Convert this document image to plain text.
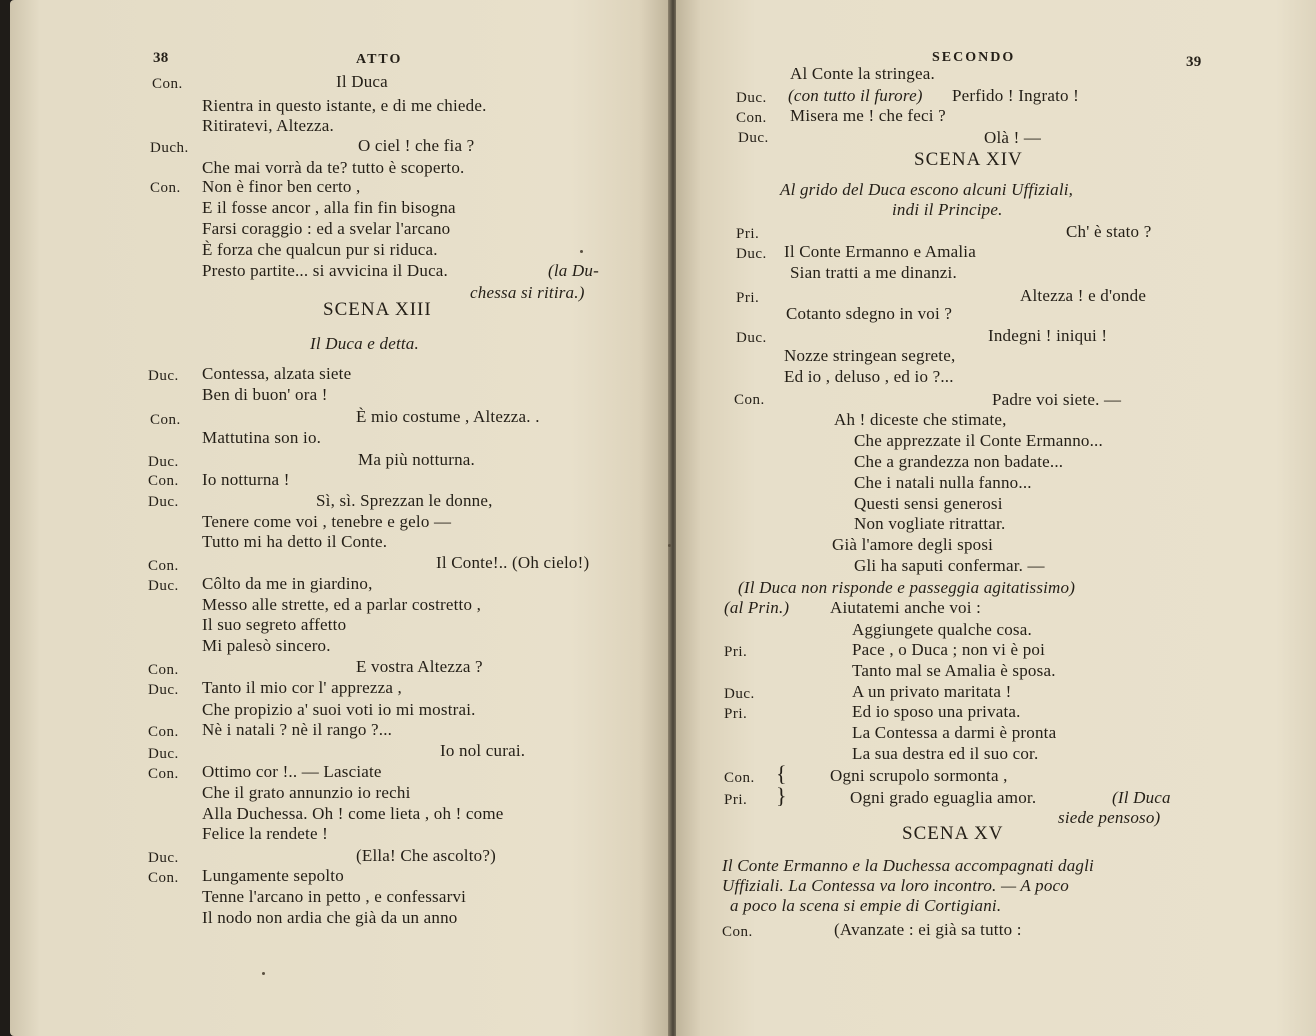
38	ATTO
Con.	Il Duca
Rientra in questo istante, e di me chiede.
Ritiratevi, Altezza.
Duch.	O ciel ! che fia ?
Che mai vorrà da te? tutto è scoperto.
Con. Non è finor ben certo ,
E il fosse ancor , alla fin fin bisogna
Farsi coraggio : ed a svelar l'arcano
È forza che qualcun pur si riduca.
Presto partite... si avvicina il Duca.	(la Du-
chessa si ritira.)
SCENA XIII
Il Duca e detta.
Duc. Contessa, alzata siete
Ben di buon' ora !
Con.	È mio costume , Altezza. .
Mattutina son io.
Duc.	Ma più notturna.
Con. Io notturna !
Duc.	Sì, sì. Sprezzan le donne,
Tenere come voi , tenebre e gelo —
Tutto mi ha detto il Conte.
Con.	Il Conte!.. (Oh cielo!)
Duc. Côlto da me in giardino,
Messo alle strette, ed a parlar costretto ,
Il suo segreto affetto
Mi palesò sincero.
Con.	E vostra Altezza ?
Duc. Tanto il mio cor l' apprezza ,
Che propizio a' suoi voti io mi mostrai.
Con. Nè i natali ? nè il rango ?...
Duc.	Io nol curai.
Con. Ottimo cor !.. — Lasciate
Che il grato annunzio io rechi
Alla Duchessa. Oh ! come lieta , oh ! come
Felice la rendete !
Duc.	(Ella! Che ascolto?)
Con. Lungamente sepolto
Tenne l'arcano in petto , e confessarvi
Il nodo non ardia che già da un anno
SECONDO	39
Al Conte la stringea.
Duc. (con tutto il furore) Perfido ! Ingrato !
Con. Misera me ! che feci ?
Duc.	Olà ! —
SCENA XIV
Al grido del Duca escono alcuni Uffiziali,
indi il Principe.
Pri.	Ch' è stato ?
Duc. Il Conte Ermanno e Amalia
Sian tratti a me dinanzi.
Pri.	Altezza ! e d'onde
Cotanto sdegno in voi ?
Duc.	Indegni ! iniqui !
Nozze stringean segrete,
Ed io , deluso , ed io ?...
Con.	Padre voi siete. —
Ah ! diceste che stimate,
Che apprezzate il Conte Ermanno...
Che a grandezza non badate...
Che i natali nulla fanno...
Questi sensi generosi
Non vogliate ritrattar.
Già l'amore degli sposi
Gli ha saputi confermar. —
(Il Duca non risponde e passeggia agitatissimo)
(al Prin.) Aiutatemi anche voi :
Aggiungete qualche cosa.
Pri.	Pace , o Duca ; non vi è poi
Tanto mal se Amalia è sposa.
Duc.	A un privato maritata !
Pri.	Ed io sposo una privata.
La Contessa a darmi è pronta
La sua destra ed il suo cor.
Con.	Ogni scrupolo sormonta ,
Pri.	Ogni grado eguaglia amor.	(Il Duca
siede pensoso)
SCENA XV
Il Conte Ermanno e la Duchessa accompagnati dagli
Uffiziali. La Contessa va loro incontro. — A poco
a poco la scena si empie di Cortigiani.
Con.	(Avanzate : ei già sa tutto :
{
}
